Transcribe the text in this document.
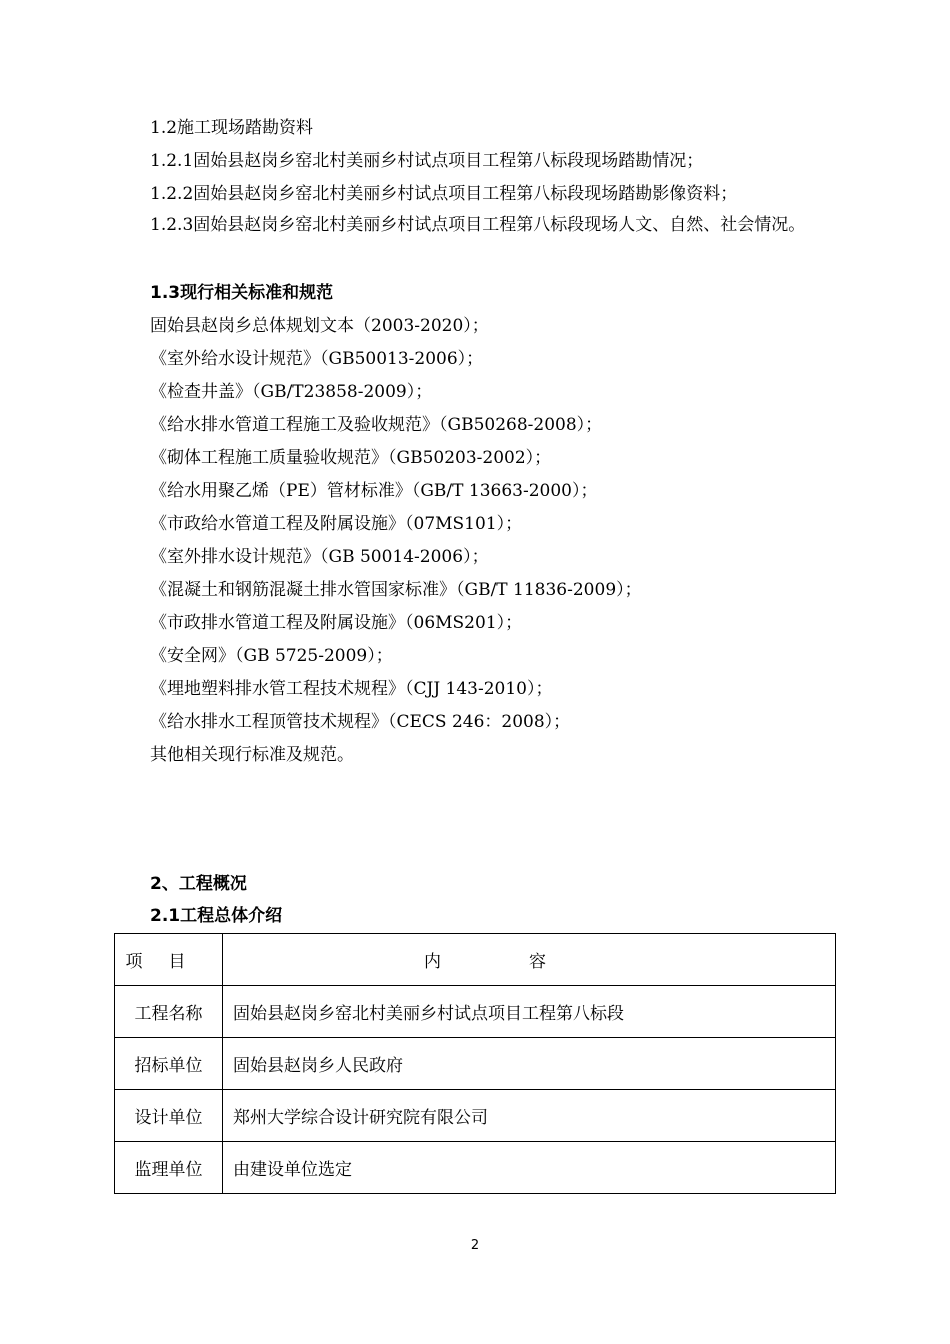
1.2施工现场踏勘资料
1.2.1固始县赵岗乡窑北村美丽乡村试点项目工程第八标段现场踏勘情况；
1.2.2固始县赵岗乡窑北村美丽乡村试点项目工程第八标段现场踏勘影像资料；
1.2.3固始县赵岗乡窑北村美丽乡村试点项目工程第八标段现场人文、自然、社会情况。
1.3现行相关标准和规范
固始县赵岗乡总体规划文本（2003-2020）；
《室外给水设计规范》（GB50013-2006）；
《检查井盖》（GB/T23858-2009）；
《给水排水管道工程施工及验收规范》（GB50268-2008）；
《砌体工程施工质量验收规范》（GB50203-2002）；
《给水用聚乙烯（PE）管材标准》（GB/T 13663-2000）；
《市政给水管道工程及附属设施》（07MS101）；
《室外排水设计规范》（GB 50014-2006）；
《混凝土和钢筋混凝土排水管国家标准》（GB/T 11836-2009）；
《市政排水管道工程及附属设施》（06MS201）；
《安全网》（GB 5725-2009）；
《埋地塑料排水管工程技术规程》（CJJ 143-2010）；
《给水排水工程顶管技术规程》（CECS 246：2008）；
其他相关现行标准及规范。
2、工程概况
2.1工程总体介绍
项目	内容
工程名称	固始县赵岗乡窑北村美丽乡村试点项目工程第八标段
招标单位	固始县赵岗乡人民政府
设计单位	郑州大学综合设计研究院有限公司
监理单位	由建设单位选定
2
